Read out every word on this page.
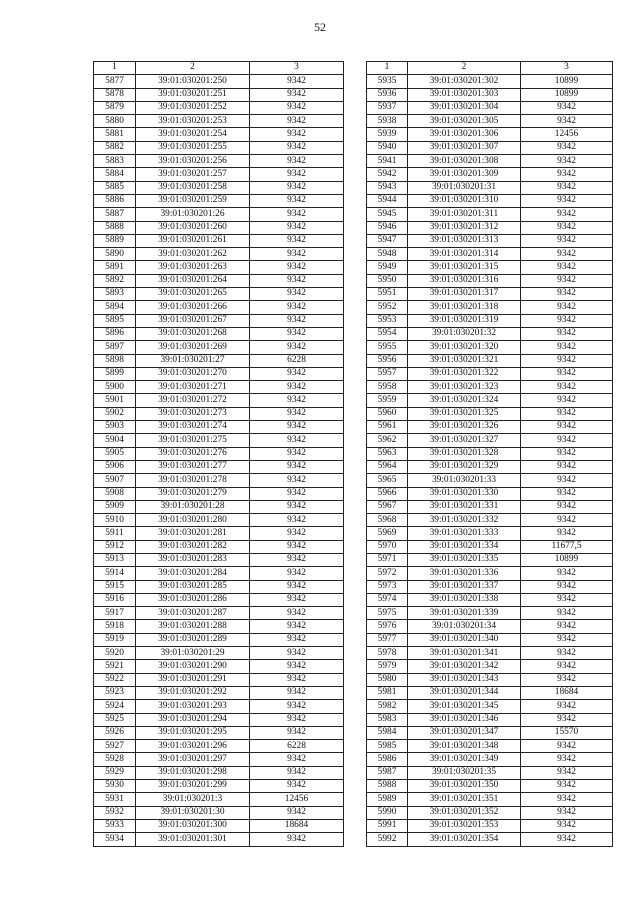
52
1	2	3
5877	39:01:030201:250	9342
5878	39:01:030201:251	9342
5879	39:01:030201:252	9342
5880	39:01:030201:253	9342
5881	39:01:030201:254	9342
5882	39:01:030201:255	9342
5883	39:01:030201:256	9342
5884	39:01:030201:257	9342
5885	39:01:030201:258	9342
5886	39:01:030201:259	9342
5887	39:01:030201:26	9342
5888	39:01:030201:260	9342
5889	39:01:030201:261	9342
5890	39:01:030201:262	9342
5891	39:01:030201:263	9342
5892	39:01:030201:264	9342
5893	39:01:030201:265	9342
5894	39:01:030201:266	9342
5895	39:01:030201:267	9342
5896	39:01:030201:268	9342
5897	39:01:030201:269	9342
5898	39:01:030201:27	6228
5899	39:01:030201:270	9342
5900	39:01:030201:271	9342
5901	39:01:030201:272	9342
5902	39:01:030201:273	9342
5903	39:01:030201:274	9342
5904	39:01:030201:275	9342
5905	39:01:030201:276	9342
5906	39:01:030201:277	9342
5907	39:01:030201:278	9342
5908	39:01:030201:279	9342
5909	39:01:030201:28	9342
5910	39:01:030201:280	9342
5911	39:01:030201:281	9342
5912	39:01:030201:282	9342
5913	39:01:030201:283	9342
5914	39:01:030201:284	9342
5915	39:01:030201:285	9342
5916	39:01:030201:286	9342
5917	39:01:030201:287	9342
5918	39:01:030201:288	9342
5919	39:01:030201:289	9342
5920	39:01:030201:29	9342
5921	39:01:030201:290	9342
5922	39:01:030201:291	9342
5923	39:01:030201:292	9342
5924	39:01:030201:293	9342
5925	39:01:030201:294	9342
5926	39:01:030201:295	9342
5927	39:01:030201:296	6228
5928	39:01:030201:297	9342
5929	39:01:030201:298	9342
5930	39:01:030201:299	9342
5931	39:01:030201:3	12456
5932	39:01:030201:30	9342
5933	39:01:030201:300	18684
5934	39:01:030201:301	9342
1	2	3
5935	39:01:030201:302	10899
5936	39:01:030201:303	10899
5937	39:01:030201:304	9342
5938	39:01:030201:305	9342
5939	39:01:030201:306	12456
5940	39:01:030201:307	9342
5941	39:01:030201:308	9342
5942	39:01:030201:309	9342
5943	39:01:030201:31	9342
5944	39:01:030201:310	9342
5945	39:01:030201:311	9342
5946	39:01:030201:312	9342
5947	39:01:030201:313	9342
5948	39:01:030201:314	9342
5949	39:01:030201:315	9342
5950	39:01:030201:316	9342
5951	39:01:030201:317	9342
5952	39:01:030201:318	9342
5953	39:01:030201:319	9342
5954	39:01:030201:32	9342
5955	39:01:030201:320	9342
5956	39:01:030201:321	9342
5957	39:01:030201:322	9342
5958	39:01:030201:323	9342
5959	39:01:030201:324	9342
5960	39:01:030201:325	9342
5961	39:01:030201:326	9342
5962	39:01:030201:327	9342
5963	39:01:030201:328	9342
5964	39:01:030201:329	9342
5965	39:01:030201:33	9342
5966	39:01:030201:330	9342
5967	39:01:030201:331	9342
5968	39:01:030201:332	9342
5969	39:01:030201:333	9342
5970	39:01:030201:334	11677,5
5971	39:01:030201:335	10899
5972	39:01:030201:336	9342
5973	39:01:030201:337	9342
5974	39:01:030201:338	9342
5975	39:01:030201:339	9342
5976	39:01:030201:34	9342
5977	39:01:030201:340	9342
5978	39:01:030201:341	9342
5979	39:01:030201:342	9342
5980	39:01:030201:343	9342
5981	39:01:030201:344	18684
5982	39:01:030201:345	9342
5983	39:01:030201:346	9342
5984	39:01:030201:347	15570
5985	39:01:030201:348	9342
5986	39:01:030201:349	9342
5987	39:01:030201:35	9342
5988	39:01:030201:350	9342
5989	39:01:030201:351	9342
5990	39:01:030201:352	9342
5991	39:01:030201:353	9342
5992	39:01:030201:354	9342
